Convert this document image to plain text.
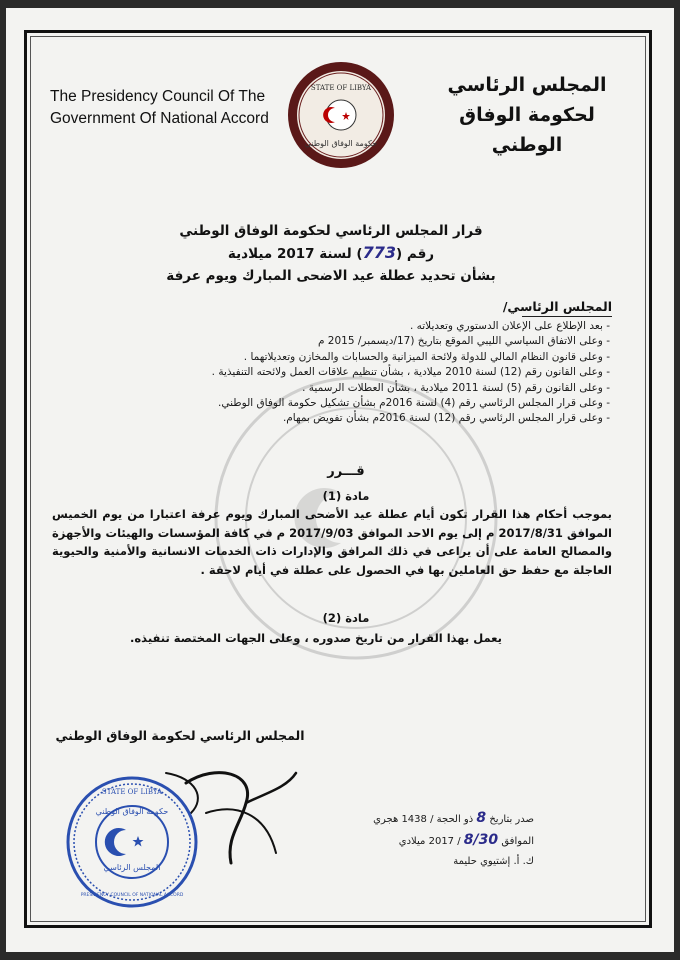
The Presidency Council Of The
Government Of National Accord
المجلس الرئاسي
لحكومة الوفاق الوطني
STATE OF LIBYA
حكومة الوفاق الوطني
قرار المجلس الرئاسي لحكومة الوفاق الوطني
رقم (773) لسنة 2017 ميلادية
بشأن تحديد عطلة عيد الاضحى المبارك ويوم عرفة
المجلس الرئاسي/
- بعد الإطلاع على الإعلان الدستوري وتعديلاته .
- وعلى الاتفاق السياسي الليبي الموقع بتاريخ (17/ديسمبر/ 2015 م
- وعلى قانون النظام المالي للدولة ولائحة الميزانية والحسابات والمخازن وتعديلاتهما .
- وعلى القانون رقم (12) لسنة 2010 ميلادية ، بشأن تنظيم علاقات العمل ولائحته التنفيذية .
- وعلى القانون رقم (5) لسنة 2011 ميلادية ، بشأن العطلات الرسمية .
- وعلى قرار المجلس الرئاسي رقم (4) لسنة 2016م بشأن تشكيل حكومة الوفاق الوطني.
- وعلى قرار المجلس الرئاسي رقم (12) لسنة 2016م بشأن تفويض بمهام.
قـــرر
مادة (1)
بموجب أحكام هذا القرار تكون أيام عطلة عيد الأضحى المبارك ويوم عرفة اعتبارا من يوم الخميس الموافق 2017/8/31 م إلى يوم الاحد الموافق 2017/9/03 م في كافة المؤسسات والهيئات والأجهزة والمصالح العامة على أن يراعى في ذلك المرافق والإدارات ذات الخدمات الانسانية والأمنية والحيوية العاجلة مع حفظ حق العاملين بها في الحصول على عطلة في أيام لاحقة .
مادة (2)
يعمل بهذا القرار من تاريخ صدوره ، وعلى الجهات المختصة تنفيذه.
المجلس الرئاسي لحكومة الوفاق الوطني
STATE OF LIBYA
حكومة الوفاق الوطني
المجلس الرئاسي
PRESIDENCY COUNCIL OF NATIONAL ACCORD
صدر بتاريخ 8 ذو الحجة / 1438 هجري
الموافق 8/30 / 2017 ميلادي
ك. أ. إشتيوي حليمة
